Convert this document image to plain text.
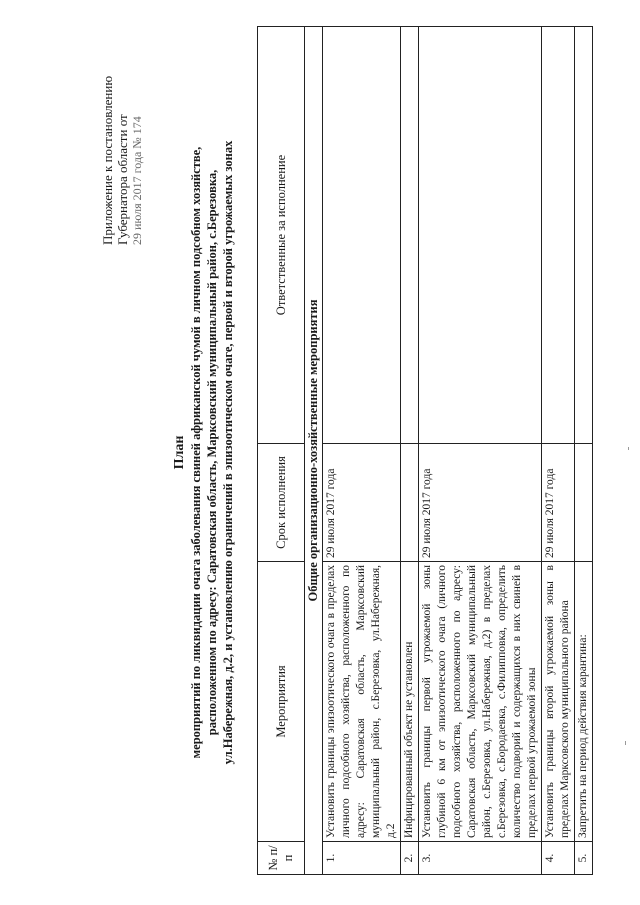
Приложение к постановлению Губернатора области от 29 июля 2017 года № 174
План мероприятий по ликвидации очага заболевания свиней африканской чумой в личном подсобном хозяйстве, расположенном по адресу: Саратовская область, Марксовский муниципальный район, с.Березовка, ул.Набережная, д.2, и установлению ограничений в эпизоотическом очаге, первой и второй угрожаемых зонах
№ п/п	Мероприятия	Срок исполнения	Ответственные за исполнение
Общие организационно-хозяйственные мероприятия			
1.	Установить границы эпизоотического очага в пределах личного подсобного хозяйства, расположенного по адресу: Саратовская область, Марксовский муниципальный район, с.Березовка, ул.Набережная, д.2	29 июля 2017 года	
2.	Инфицированный объект не установлен		
3.	Установить границы первой угрожаемой зоны глубиной 6 км от эпизоотического очага (личного подсобного хозяйства, расположенного по адресу: Саратовская область, Марксовский муниципальный район, с.Березовка, ул.Набережная, д.2) в пределах с.Березовка, с.Бородаевка, с.Филипповка, определить количество подворий и содержащихся в них свиней в пределах первой угрожаемой зоны	29 июля 2017 года	
4.	Установить границы второй угрожаемой зоны в пределах Марксовского муниципального района	29 июля 2017 года	
5.	Запретить на период действия карантина:		
